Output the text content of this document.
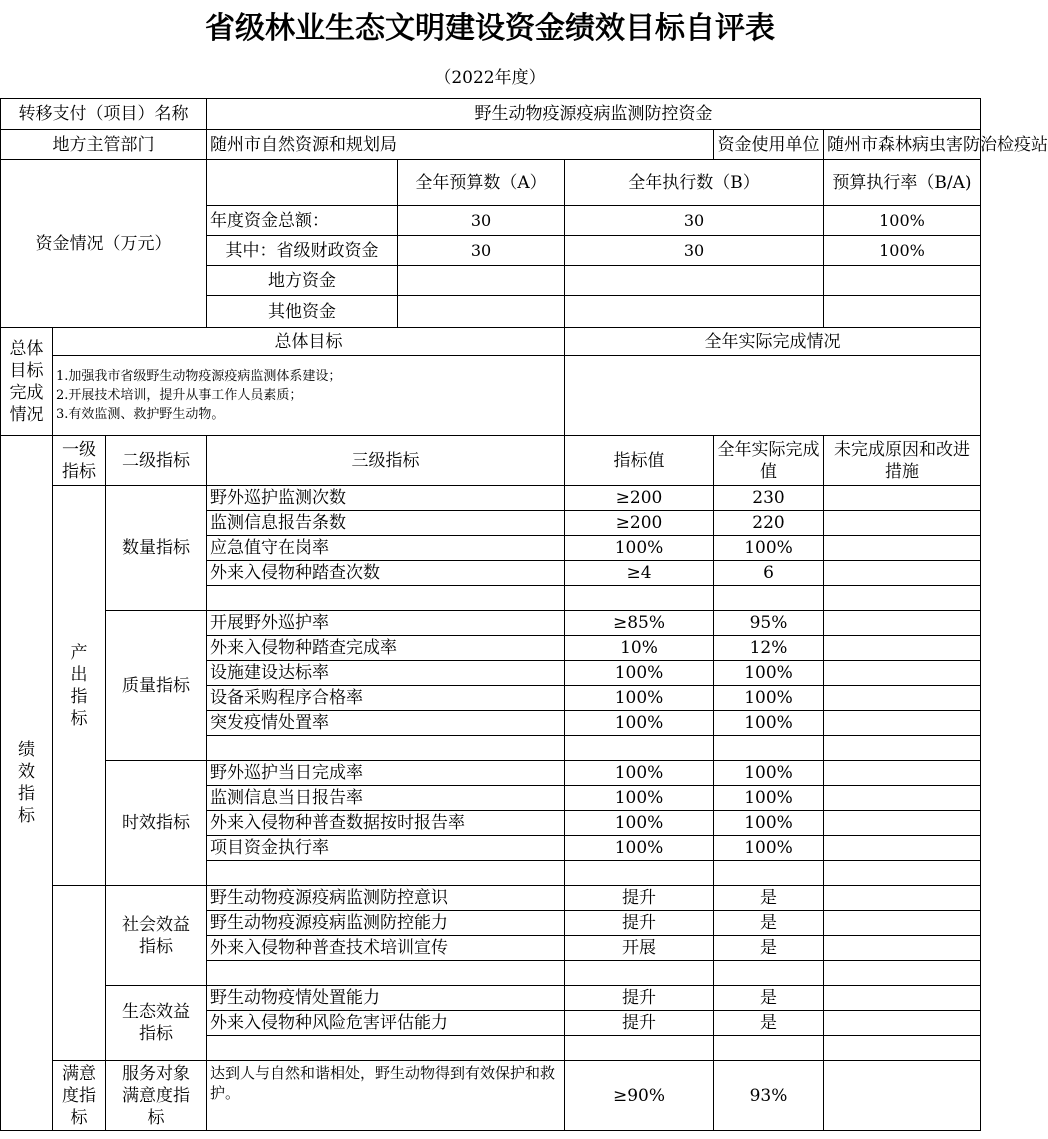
省级林业生态文明建设资金绩效目标自评表
（2022年度）
转移支付（项目）名称			野生动物疫源疫病监测防控资金				
地方主管部门			随州市自然资源和规划局			资金使用单位	随州市森林病虫害防治检疫站
资金情况（万元）				全年预算数（A）	全年执行数（B）		预算执行率（B/A)
			年度资金总额：	30	30		100%
			其中：省级财政资金	30	30		100%
			地方资金				
			其他资金				
总体目标完成情况	总体目标				全年实际完成情况		

	1.加强我市省级野生动物疫源疫病监测体系建设；
2.开展技术培训，提升从事工作人员素质；
3.有效监测、救护野生动物。						

绩效指标	一级指标	二级指标	三级指标		指标值	全年实际完成值	未完成原因和改进措施
	产出指标	数量指标	野外巡护监测次数		≥200	230	
			监测信息报告条数		≥200	220	
			应急值守在岗率		100%	100%	
			外来入侵物种踏查次数		≥4	6	

		质量指标	开展野外巡护率		≥85%	95%	
			外来入侵物种踏查完成率		10%	12%	
			设施建设达标率		100%	100%	
			设备采购程序合格率		100%	100%	
			突发疫情处置率		100%	100%	

		时效指标	野外巡护当日完成率		100%	100%	
			监测信息当日报告率		100%	100%	
			外来入侵物种普查数据按时报告率		100%	100%	
			项目资金执行率		100%	100%	

		社会效益指标	野生动物疫源疫病监测防控意识		提升	是	
			野生动物疫源疫病监测防控能力		提升	是	
			外来入侵物种普查技术培训宣传		开展	是	

		生态效益指标	野生动物疫情处置能力		提升	是	
			外来入侵物种风险危害评估能力		提升	是	

	满意度指标	服务对象满意度指标	达到人与自然和谐相处，野生动物得到有效保护和救护。		≥90%	93%	
